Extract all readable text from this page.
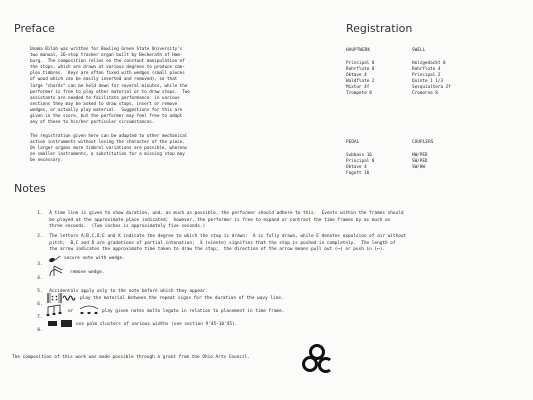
Preface
Unama Bilah was written for Bowling Green State University's
two manual, 16-stop tracker organ built by Beckerath of Ham-
burg.  The composition relies on the constant manipulation of
the stops, which are drawn at various degrees to produce com-
plex timbres.  Keys are often fixed with wedges (small pieces
of wood which can be easily inserted and removed), so that
large "chords" can be held down for several minutes, while the
performer is free to play other material or to draw stops.  Two
assistants are needed to facilitate performance: in various
sections they may be asked to draw stops, insert or remove
wedges, or actually play material.  Suggestions for this are
given in the score, but the performer may feel free to adapt
any of these to his/her particular circumstances.
The registration given here can be adapted to other mechanical
action instruments without losing the character of the piece.
On larger organs more timbral variations are possible, whereas
on smaller instruments, a substitution for a missing stop may
be necessary.
Registration
HAUPTWERK
Principal 8
Rohrflote 8
Oktave 4
Waldflote 2
Mixtur 4f
Trompete 8
SWELL
Holzgedackt 8
Rohrflote 4
Principal 2
Quinte 1 1/3
Sesquialtera 2f
Cromorne 8
PEDAL
Subbass 16
Principal 8
Oktave 4
Fagott 16
COUPLERS
HW/PED
SW/PED
SW/HW
Notes

1. A time line is given to show duration, and, as much as possible, the performer should adhere to this.  Events within the frames should
be played at the approximate place indicated;  however, the performer is free to expand or contract the time frames by as much as
three seconds.  (Two inches is approximately five seconds.)

2. The letters A,B,C,D,E and X indicate the degree to which the stop is drawn:  A is fully drawn, while E denotes expulsion of air without
pitch;  B,C and D are gradations of partial intonation;  X (niente) signifies that the stop is pushed in completely.  The length of
the arrow indicates the approximate time taken to draw the stop;  the direction of the arrow means pull out (⟶) or push in (⟵).

3.

secure note with wedge.

4.

remove wedge.

5. Accidentals apply only to the note before which they appear.

6.

play the material between the repeat signs for the duration of the wavy line.

7.

or	play given notes molto legato in relation to placement in time frame.

8.

use palm clusters of various widths (see section 9'45-10'45).
The composition of this work was made possible through a grant from the Ohio Arts Council.
